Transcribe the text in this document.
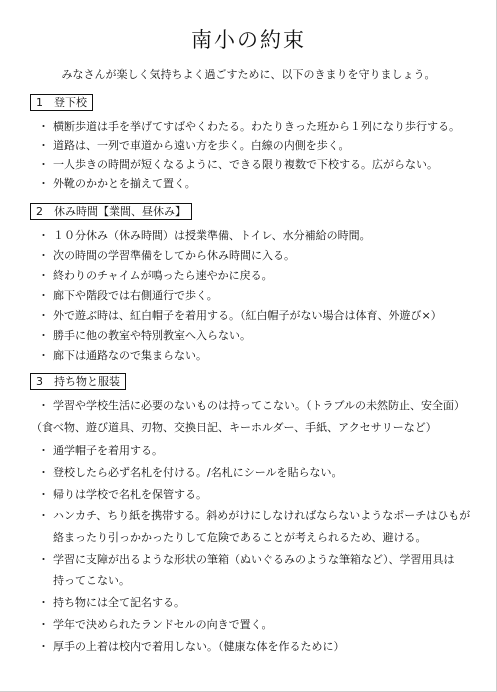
南小の約束
みなさんが楽しく気持ちよく過ごすために、以下のきまりを守りましょう。
1　登下校
・ 横断歩道は手を挙げてすばやくわたる。わたりきった班から１列になり歩行する。
・ 道路は、一列で車道から遠い方を歩く。白線の内側を歩く。
・ 一人歩きの時間が短くなるように、できる限り複数で下校する。広がらない。
・ 外靴のかかとを揃えて置く。
2　休み時間【業間、昼休み】
・ １０分休み（休み時間）は授業準備、トイレ、水分補給の時間。
・ 次の時間の学習準備をしてから休み時間に入る。
・ 終わりのチャイムが鳴ったら速やかに戻る。
・ 廊下や階段では右側通行で歩く。
・ 外で遊ぶ時は、紅白帽子を着用する。（紅白帽子がない場合は体育、外遊び×）
・ 勝手に他の教室や特別教室へ入らない。
・ 廊下は通路なので集まらない。
3　持ち物と服装
・ 学習や学校生活に必要のないものは持ってこない。（トラブルの未然防止、安全面）
（食べ物、遊び道具、刃物、交換日記、キーホルダー、手紙、アクセサリーなど）
・ 通学帽子を着用する。
・ 登校したら必ず名札を付ける。/名札にシールを貼らない。
・ 帰りは学校で名札を保管する。
・ ハンカチ、ちり紙を携帯する。斜めがけにしなければならないようなポーチはひもが
絡まったり引っかかったりして危険であることが考えられるため、避ける。
・ 学習に支障が出るような形状の筆箱（ぬいぐるみのような筆箱など）、学習用具は
持ってこない。
・ 持ち物には全て記名する。
・ 学年で決められたランドセルの向きで置く。
・ 厚手の上着は校内で着用しない。（健康な体を作るために）
